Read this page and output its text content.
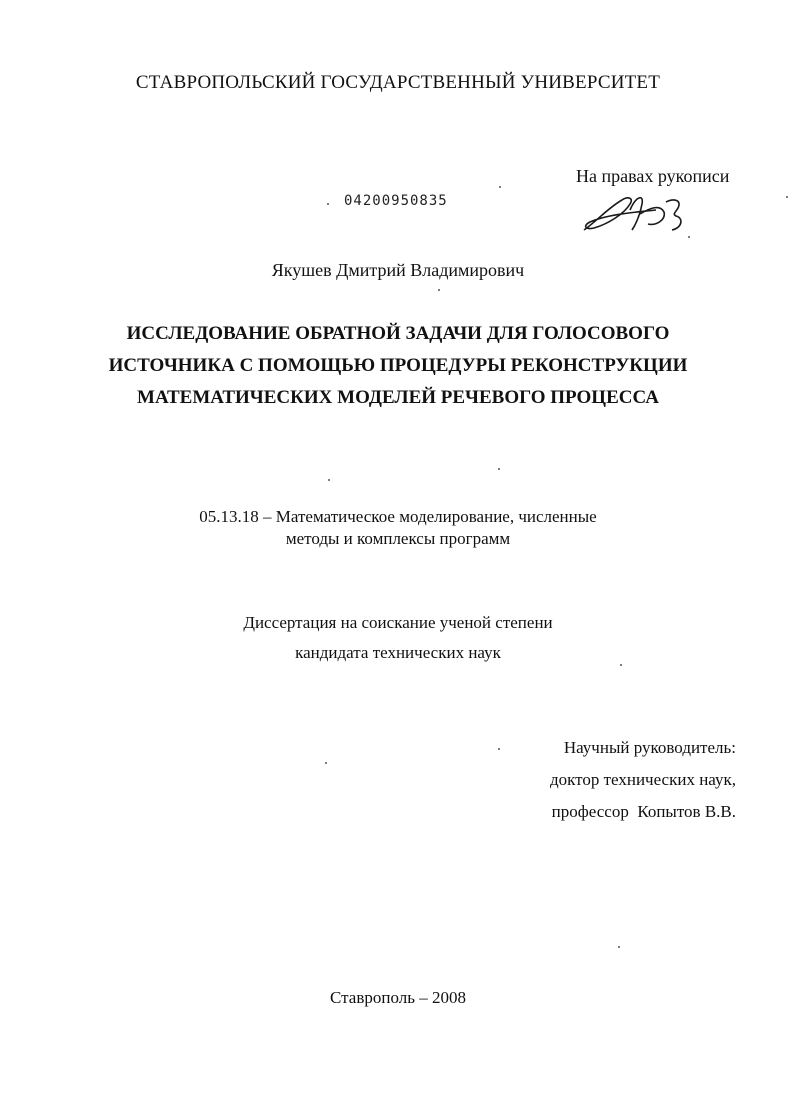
СТАВРОПОЛЬСКИЙ ГОСУДАРСТВЕННЫЙ УНИВЕРСИТЕТ
На правах рукописи
04200950835
Якушев Дмитрий Владимирович
ИССЛЕДОВАНИЕ ОБРАТНОЙ ЗАДАЧИ ДЛЯ ГОЛОСОВОГО
ИСТОЧНИКА С ПОМОЩЬЮ ПРОЦЕДУРЫ РЕКОНСТРУКЦИИ
МАТЕМАТИЧЕСКИХ МОДЕЛЕЙ РЕЧЕВОГО ПРОЦЕССА
05.13.18 – Математическое моделирование, численные
методы и комплексы программ
Диссертация на соискание ученой степени
кандидата технических наук
Научный руководитель:
доктор технических наук,
профессор  Копытов В.В.
Ставрополь – 2008
